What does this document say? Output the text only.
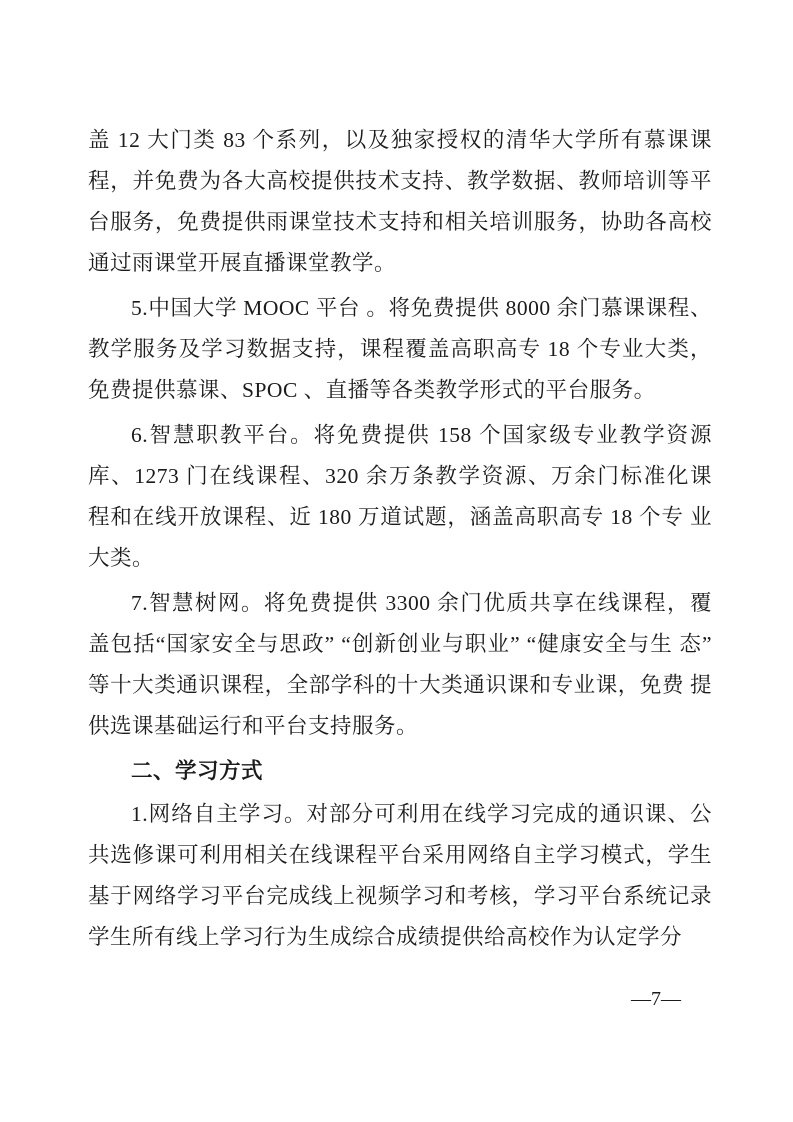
盖 12 大门类 83 个系列，以及独家授权的清华大学所有慕课课程，并免费为各大高校提供技术支持、教学数据、教师培训等平 台服务，免费提供雨课堂技术支持和相关培训服务，协助各高校 通过雨课堂开展直播课堂教学。

5.中国大学 MOOC 平台 。将免费提供 8000 余门慕课课程、教学服务及学习数据支持，课程覆盖高职高专 18 个专业大类， 免费提供慕课、SPOC 、直播等各类教学形式的平台服务。

6.智慧职教平台。将免费提供 158 个国家级专业教学资源 库、1273 门在线课程、320 余万条教学资源、万余门标准化课 程和在线开放课程、近 180 万道试题，涵盖高职高专 18 个专 业大类。

7.智慧树网。将免费提供 3300 余门优质共享在线课程，覆 盖包括“国家安全与思政” “创新创业与职业” “健康安全与生 态” 等十大类通识课程，全部学科的十大类通识课和专业课，免费 提 供选课基础运行和平台支持服务。

二、学习方式

1.网络自主学习。对部分可利用在线学习完成的通识课、公共选修课可利用相关在线课程平台采用网络自主学习模式，学生 基于网络学习平台完成线上视频学习和考核，学习平台系统记录 学生所有线上学习行为生成综合成绩提供给高校作为认定学分

—7—
